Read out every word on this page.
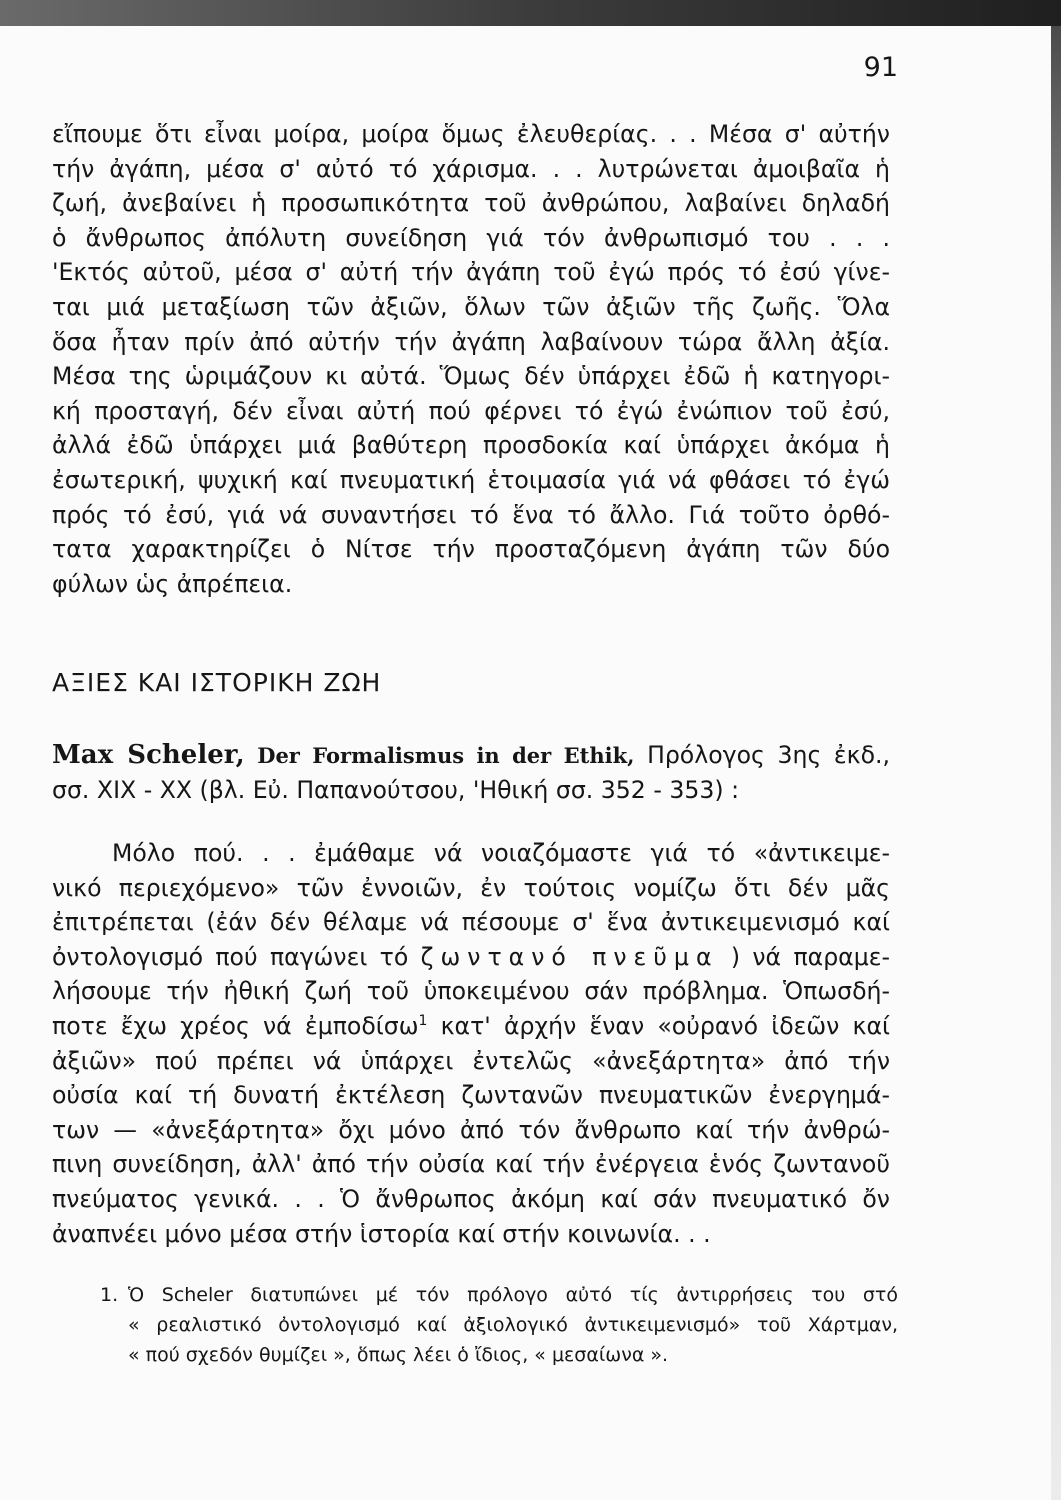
91
εἴπουμε ὅτι εἶναι μοίρα, μοίρα ὅμως ἐλευθερίας. . . Μέσα σ' αὐτήν
τήν ἀγάπη, μέσα σ' αὐτό τό χάρισμα. . . λυτρώνεται ἀμοιβαῖα ἡ
ζωή, ἀνεβαίνει ἡ προσωπικότητα τοῦ ἀνθρώπου, λαβαίνει δηλαδή
ὁ ἄνθρωπος ἀπόλυτη συνείδηση γιά τόν ἀνθρωπισμό του . . .
'Εκτός αὐτοῦ, μέσα σ' αὐτή τήν ἀγάπη τοῦ ἐγώ πρός τό ἐσύ γίνε-
ται μιά μεταξίωση τῶν ἀξιῶν, ὅλων τῶν ἀξιῶν τῆς ζωῆς. Ὅλα
ὅσα ἦταν πρίν ἀπό αὐτήν τήν ἀγάπη λαβαίνουν τώρα ἄλλη ἀξία.
Μέσα της ὡριμάζουν κι αὐτά. Ὅμως δέν ὑπάρχει ἐδῶ ἡ κατηγορι-
κή προσταγή, δέν εἶναι αὐτή πού φέρνει τό ἐγώ ἐνώπιον τοῦ ἐσύ,
ἀλλά ἐδῶ ὑπάρχει μιά βαθύτερη προσδοκία καί ὑπάρχει ἀκόμα ἡ
ἐσωτερική, ψυχική καί πνευματική ἑτοιμασία γιά νά φθάσει τό ἐγώ
πρός τό ἐσύ, γιά νά συναντήσει τό ἕνα τό ἄλλο. Γιά τοῦτο ὀρθό-
τατα χαρακτηρίζει ὁ Νίτσε τήν προσταζόμενη ἀγάπη τῶν δύο
φύλων ὡς ἀπρέπεια.
ΑΞΙΕΣ ΚΑΙ ΙΣΤΟΡΙΚΗ ΖΩΗ
Max Scheler, Der Formalismus in der Ethik, Πρόλογος 3ης ἐκδ.,
σσ. XIX - XX (βλ. Εὐ. Παπανούτσου, 'Ηθική σσ. 352 - 353) :
Μόλο πού. . . ἐμάθαμε νά νοιαζόμαστε γιά τό «ἀντικειμε-
νικό περιεχόμενο» τῶν ἐννοιῶν, ἐν τούτοις νομίζω ὅτι δέν μᾶς
ἐπιτρέπεται (ἐάν δέν θέλαμε νά πέσουμε σ' ἕνα ἀντικειμενισμό καί
ὀντολογισμό πού παγώνει τό ζωντανό πνεῦμα ) νά παραμε-
λήσουμε τήν ἠθική ζωή τοῦ ὑποκειμένου σάν πρόβλημα. Ὁπωσδή-
ποτε ἔχω χρέος νά ἐμποδίσω$^1$ κατ' ἀρχήν ἕναν «οὐρανό ἰδεῶν καί
ἀξιῶν» πού πρέπει νά ὑπάρχει ἐντελῶς «ἀνεξάρτητα» ἀπό τήν
οὐσία καί τή δυνατή ἐκτέλεση ζωντανῶν πνευματικῶν ἐνεργημά-
των — «ἀνεξάρτητα» ὄχι μόνο ἀπό τόν ἄνθρωπο καί τήν ἀνθρώ-
πινη συνείδηση, ἀλλ' ἀπό τήν οὐσία καί τήν ἐνέργεια ἑνός ζωντανοῦ
πνεύματος γενικά. . . Ὁ ἄνθρωπος ἀκόμη καί σάν πνευματικό ὄν
ἀναπνέει μόνο μέσα στήν ἱστορία καί στήν κοινωνία. . .
1. Ὁ Scheler διατυπώνει μέ τόν πρόλογο αὐτό τίς ἀντιρρήσεις του στό
« ρεαλιστικό ὀντολογισμό καί ἀξιολογικό ἀντικειμενισμό» τοῦ Χάρτμαν,
« πού σχεδόν θυμίζει », ὅπως λέει ὁ ἴδιος, « μεσαίωνα ».
